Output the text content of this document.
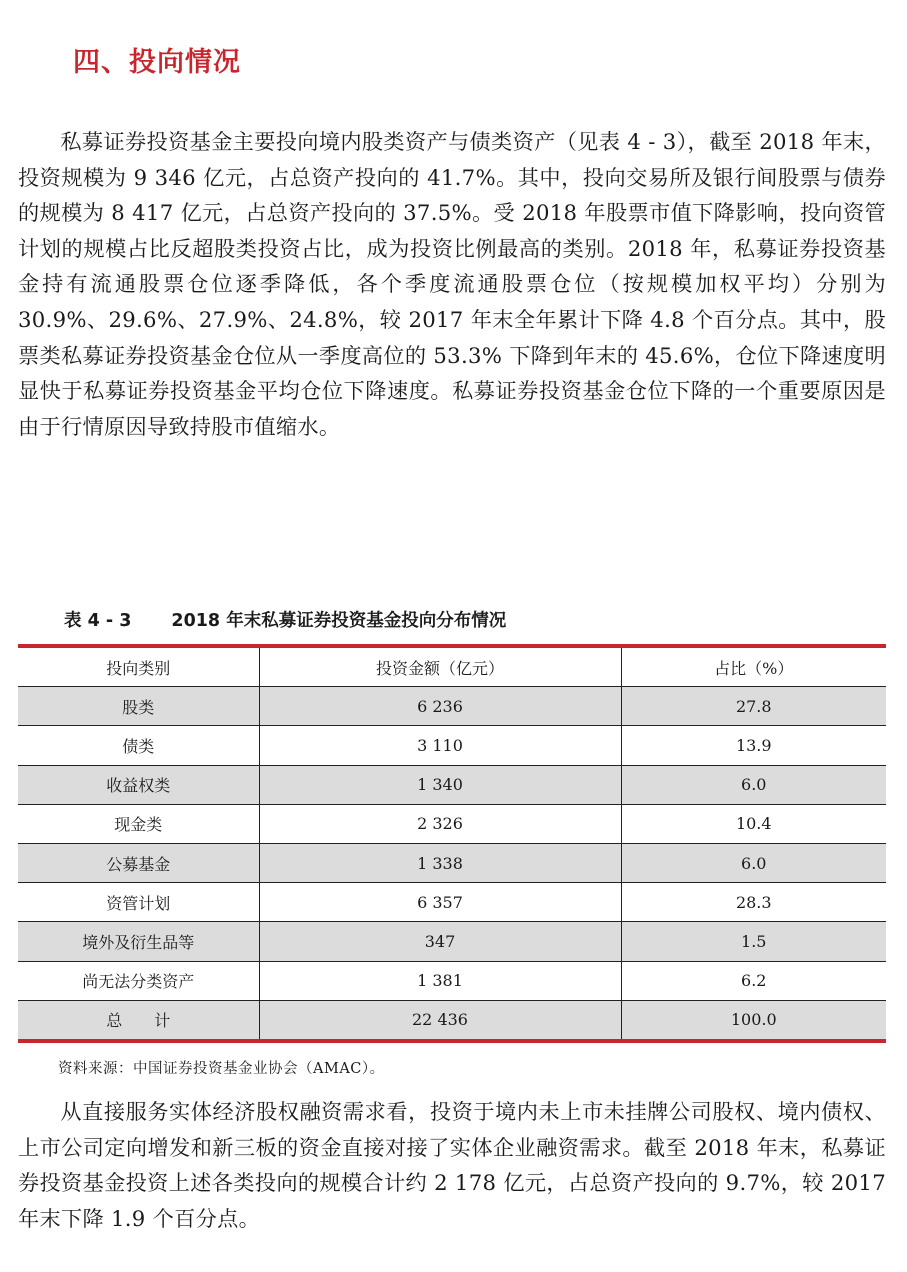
四、投向情况

私募证券投资基金主要投向境内股类资产与债类资产（见表 4 - 3），截至 2018 年末，投资规模为 9 346 亿元，占总资产投向的 41.7%。其中，投向交易所及银行间股票与债券的规模为 8 417 亿元，占总资产投向的 37.5%。受 2018 年股票市值下降影响，投向资管计划的规模占比反超股类投资占比，成为投资比例最高的类别。2018 年，私募证券投资基金持有流通股票仓位逐季降低，各个季度流通股票仓位（按规模加权平均）分别为 30.9%、29.6%、27.9%、24.8%，较 2017 年末全年累计下降 4.8 个百分点。其中，股票类私募证券投资基金仓位从一季度高位的 53.3% 下降到年末的 45.6%，仓位下降速度明显快于私募证券投资基金平均仓位下降速度。私募证券投资基金仓位下降的一个重要原因是由于行情原因导致持股市值缩水。

表 4 - 3 2018 年末私募证券投资基金投向分布情况
投向类别	投资金额（亿元）	占比（%）
股类	6 236	27.8
债类	3 110	13.9
收益权类	1 340	6.0
现金类	2 326	10.4
公募基金	1 338	6.0
资管计划	6 357	28.3
境外及衍生品等	347	1.5
尚无法分类资产	1 381	6.2
总　　计	22 436	100.0
资料来源：中国证券投资基金业协会（AMAC）。

从直接服务实体经济股权融资需求看，投资于境内未上市未挂牌公司股权、境内债权、上市公司定向增发和新三板的资金直接对接了实体企业融资需求。截至 2018 年末，私募证券投资基金投资上述各类投向的规模合计约 2 178 亿元，占总资产投向的 9.7%，较 2017 年末下降 1.9 个百分点。
